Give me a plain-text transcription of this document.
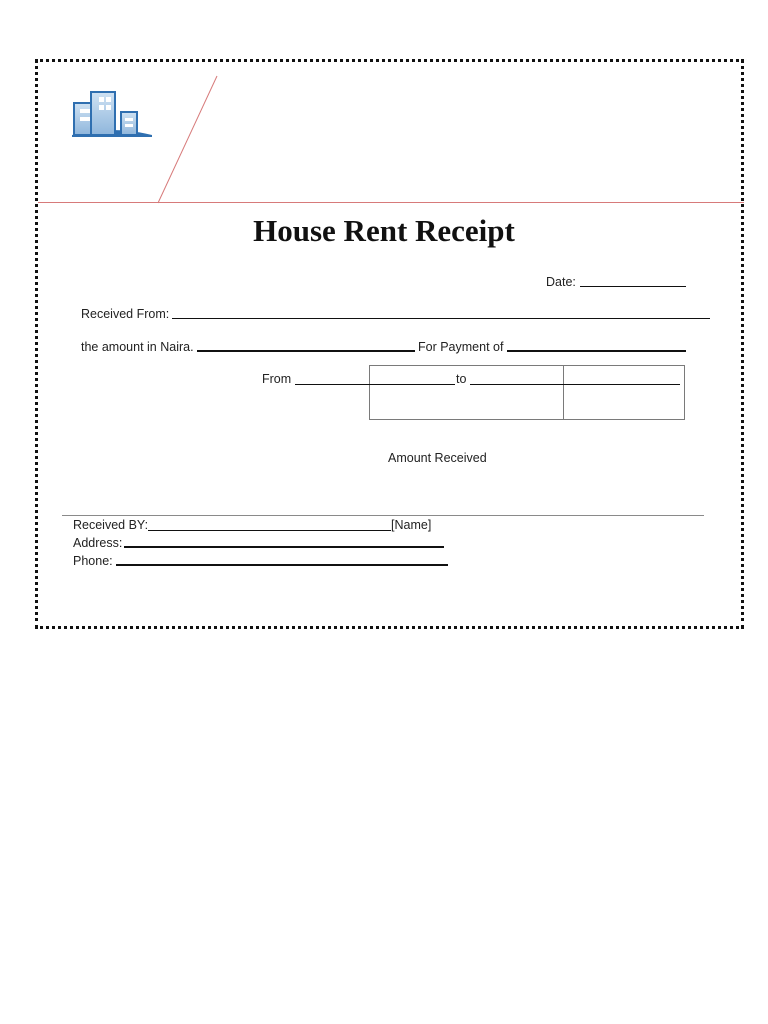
House Rent Receipt
Date:
Received From:
the amount in Naira.	For Payment of
From	to
Amount Received
Received BY:	[Name]
Address:
Phone:
